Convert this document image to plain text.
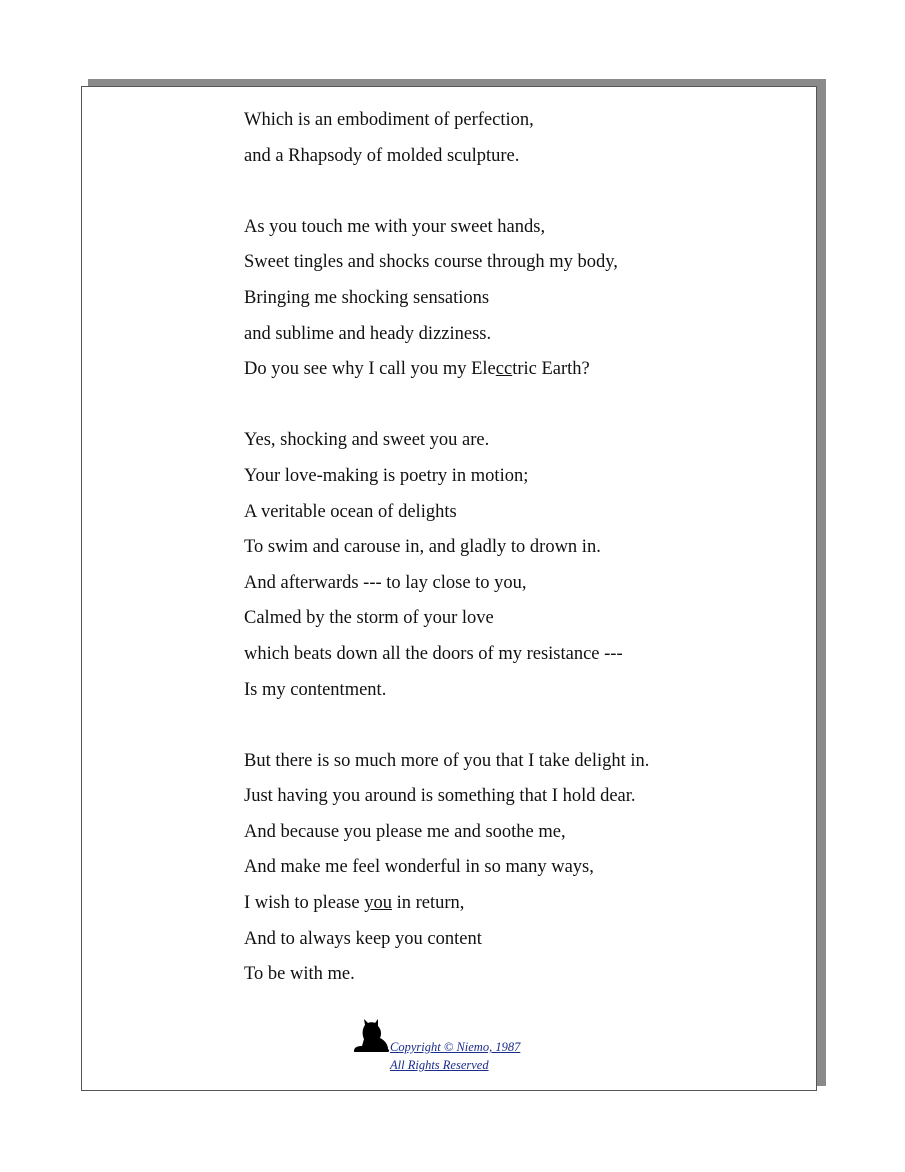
Which is an embodiment of perfection,
and a Rhapsody of molded sculpture.
As you touch me with your sweet hands,
Sweet tingles and shocks course through my body,
Bringing me shocking sensations
and sublime and heady dizziness.
Do you see why I call you my Elecctric Earth?
Yes, shocking and sweet you are.
Your love-making is poetry in motion;
A veritable ocean of delights
To swim and carouse in, and gladly to drown in.
And afterwards --- to lay close to you,
Calmed by the storm of your love
which beats down all the doors of my resistance ---
Is my contentment.
But there is so much more of you that I take delight in.
Just having you around is something that I hold dear.
And because you please me and soothe me,
And make me feel wonderful in so many ways,
I wish to please you in return,
And to always keep you content
To be with me.
Copyright © Niemo, 1987
All Rights Reserved
